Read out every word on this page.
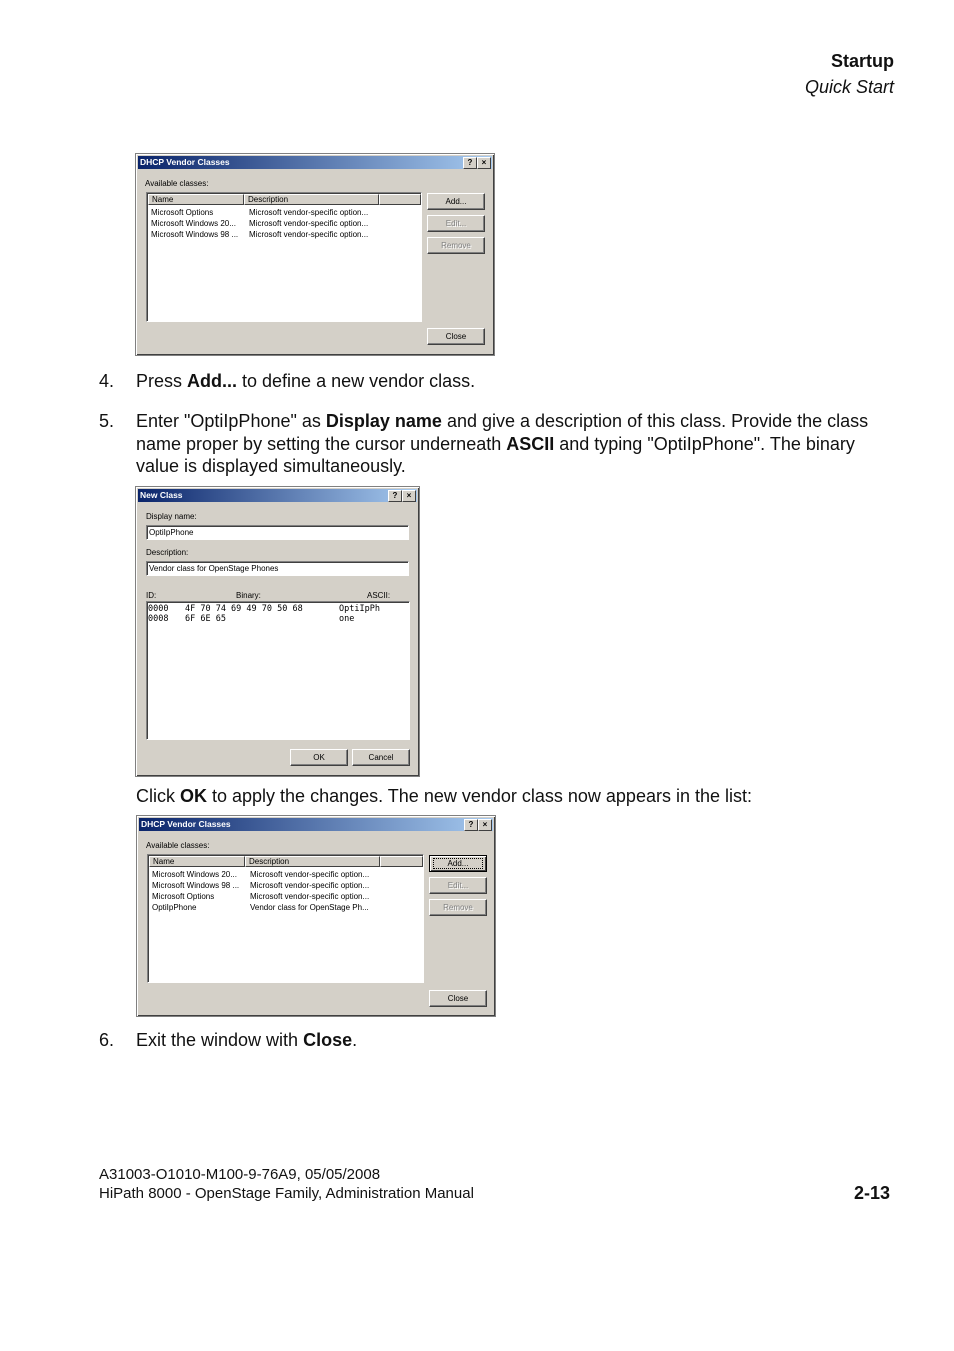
Startup
Quick Start
DHCP Vendor Classes	?	×
Available classes:
Name	Description
Microsoft Options	Microsoft vendor-specific option...
Microsoft Windows 20... Microsoft vendor-specific option...
Microsoft Windows 98 ... Microsoft vendor-specific option...
Add...
Edit...
Remove
Close
4. Press Add... to define a new vendor class.
5. Enter "OptiIpPhone" as Display name and give a description of this class. Provide the class name proper by setting the cursor underneath ASCII and typing "OptiIpPhone". The binary value is displayed simultaneously.
New Class	?	×
Display name:
OptiIpPhone
Description:
Vendor class for OpenStage Phones
ID:	Binary:	ASCII:
0000 4F 70 74 69 49 70 50 68	OptiIpPh
0008 6F 6E 65	one
OK	Cancel
Click OK to apply the changes. The new vendor class now appears in the list:
DHCP Vendor Classes	?	×
Available classes:
Name	Description
Microsoft Windows 20... Microsoft vendor-specific option...
Microsoft Windows 98 ... Microsoft vendor-specific option...
Microsoft Options	Microsoft vendor-specific option...
OptiIpPhone	Vendor class for OpenStage Ph...
Add...
Edit...
Remove
Close
6. Exit the window with Close.
A31003-O1010-M100-9-76A9, 05/05/2008
HiPath 8000 - OpenStage Family, Administration Manual	2-13
